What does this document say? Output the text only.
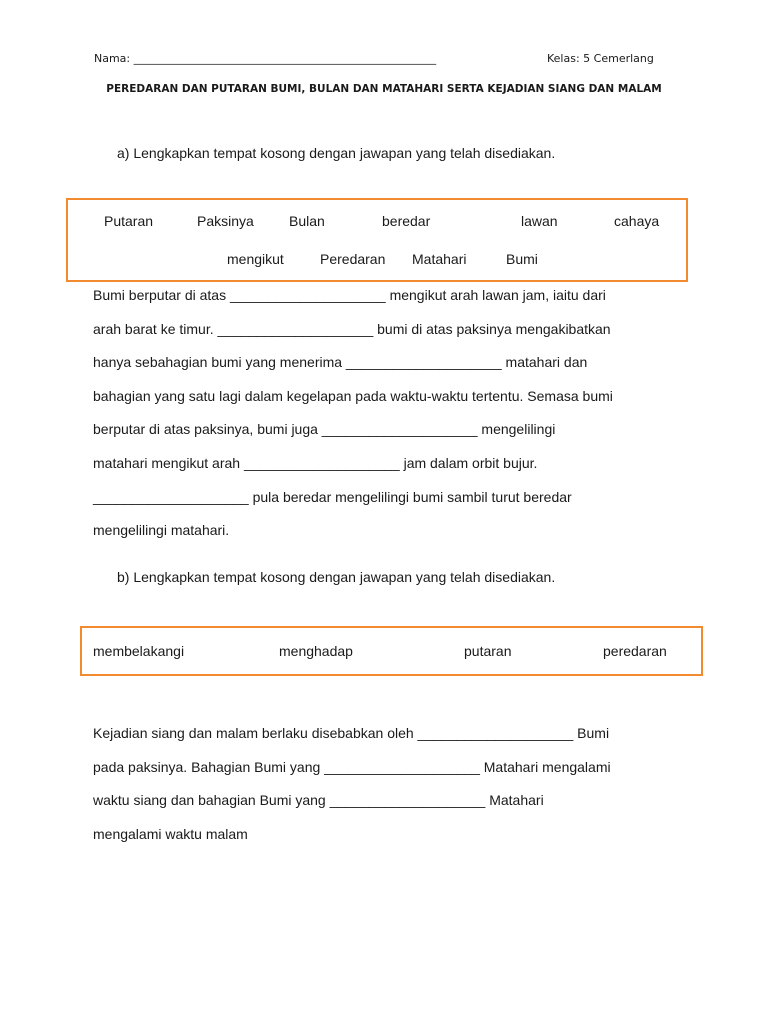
Nama: _______________________________________________________	Kelas: 5 Cemerlang
PEREDARAN DAN PUTARAN BUMI, BULAN DAN MATAHARI SERTA KEJADIAN SIANG DAN MALAM
a) Lengkapkan tempat kosong dengan jawapan yang telah disediakan.
Putaran	Paksinya	Bulan	beredar	lawan	cahaya
mengikut	Peredaran Matahari	Bumi
Bumi berputar di atas ____________________ mengikut arah lawan jam, iaitu dari
arah barat ke timur. ____________________ bumi di atas paksinya mengakibatkan
hanya sebahagian bumi yang menerima ____________________ matahari dan
bahagian yang satu lagi dalam kegelapan pada waktu-waktu tertentu. Semasa bumi
berputar di atas paksinya, bumi juga ____________________ mengelilingi
matahari mengikut arah ____________________ jam dalam orbit bujur.
____________________ pula beredar mengelilingi bumi sambil turut beredar
mengelilingi matahari.
b) Lengkapkan tempat kosong dengan jawapan yang telah disediakan.
membelakangi	menghadap	putaran	peredaran
Kejadian siang dan malam berlaku disebabkan oleh ____________________ Bumi
pada paksinya. Bahagian Bumi yang ____________________ Matahari mengalami
waktu siang dan bahagian Bumi yang ____________________ Matahari
mengalami waktu malam
